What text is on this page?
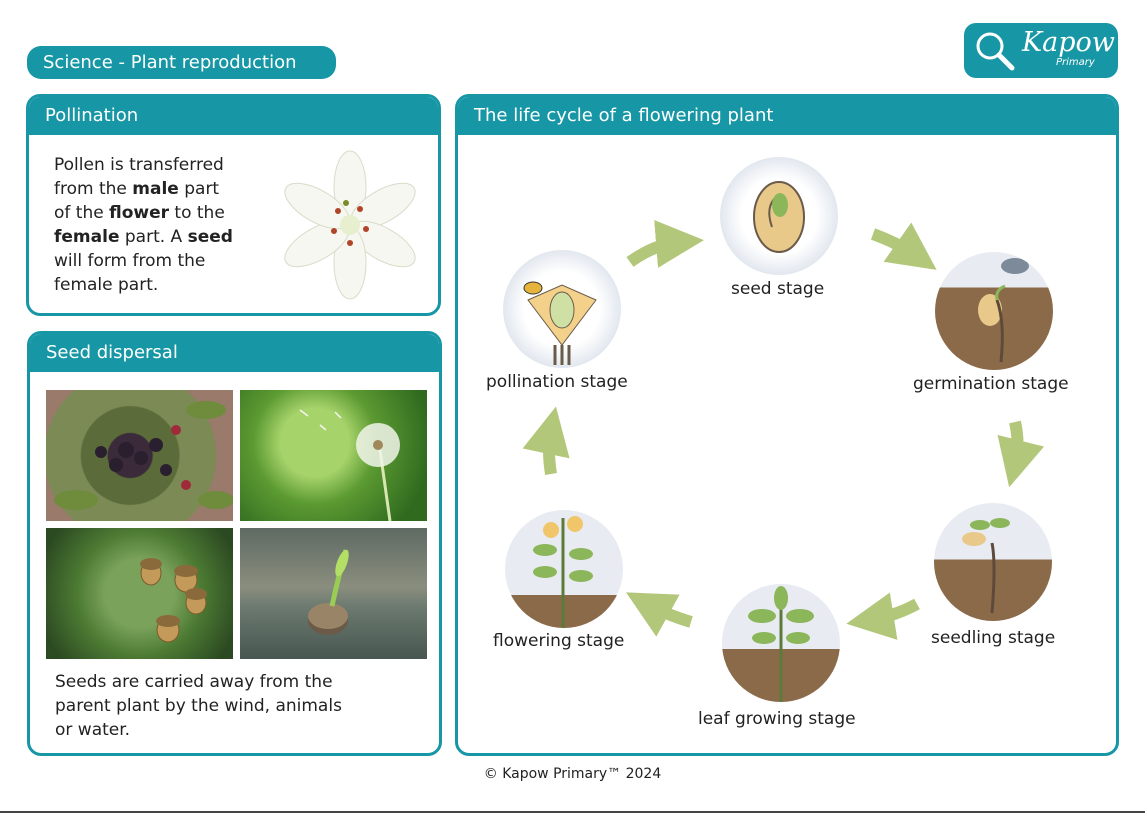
Science - Plant reproduction
Kapow
Primary
Pollination
Pollen is transferred
from the male part
of the flower to the
female part. A seed
will form from the
female part.
Seed dispersal
Seeds are carried away from the
parent plant by the wind, animals
or water.
The life cycle of a flowering plant
seed stage
germination stage
seedling stage
leaf growing stage
flowering stage
pollination stage
© Kapow Primary™ 2024
